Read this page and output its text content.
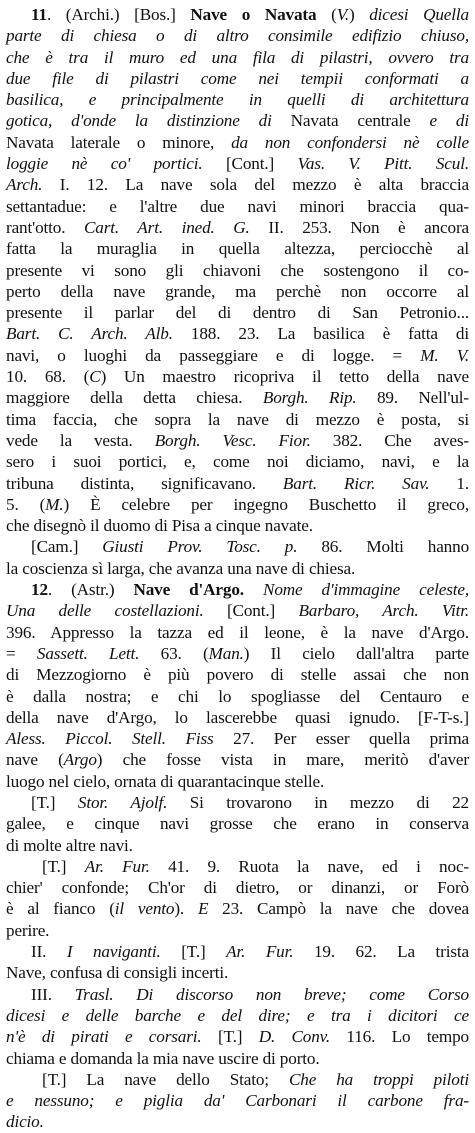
11. (Archi.) [Bos.] Nave o Navata (V.) dicesi Quella
parte di chiesa o di altro consimile edifizio chiuso,
che è tra il muro ed una fila di pilastri, ovvero tra
due file di pilastri come nei tempii conformati a
basilica, e principalmente in quelli di architettura
gotica, d'onde la distinzione di Navata centrale e di
Navata laterale o minore, da non confondersi nè colle
loggie nè co' portici. [Cont.] Vas. V. Pitt. Scul.
Arch. I. 12. La nave sola del mezzo è alta braccia
settantadue: e l'altre due navi minori braccia qua-
rant'otto. Cart. Art. ined. G. II. 253. Non è ancora
fatta la muraglia in quella altezza, perciocchè al
presente vi sono gli chiavoni che sostengono il co-
perto della nave grande, ma perchè non occorre al
presente il parlar del di dentro di San Petronio...
Bart. C. Arch. Alb. 188. 23. La basilica è fatta di
navi, o luoghi da passeggiare e di logge. = M. V.
10. 68. (C) Un maestro ricopriva il tetto della nave
maggiore della detta chiesa. Borgh. Rip. 89. Nell'ul-
tima faccia, che sopra la nave di mezzo è posta, si
vede la vesta. Borgh. Vesc. Fior. 382. Che aves-
sero i suoi portici, e, come noi diciamo, navi, e la
tribuna distinta, significavano. Bart. Ricr. Sav. 1.
5. (M.) È celebre per ingegno Buschetto il greco,
che disegnò il duomo di Pisa a cinque navate.
[Cam.] Giusti Prov. Tosc. p. 86. Molti hanno
la coscienza sì larga, che avanza una nave di chiesa.
12. (Astr.) Nave d'Argo. Nome d'immagine celeste,
Una delle costellazioni. [Cont.] Barbaro, Arch. Vitr.
396. Appresso la tazza ed il leone, è la nave d'Argo.
= Sassett. Lett. 63. (Man.) Il cielo dall'altra parte
di Mezzogiorno è più povero di stelle assai che non
è dalla nostra; e chi lo spogliasse del Centauro e
della nave d'Argo, lo lascerebbe quasi ignudo. [F-T-s.]
Aless. Piccol. Stell. Fiss 27. Per esser quella prima
nave (Argo) che fosse vista in mare, meritò d'aver
luogo nel cielo, ornata di quarantacinque stelle.
[T.] Stor. Ajolf. Si trovarono in mezzo di 22
galee, e cinque navi grosse che erano in conserva
di molte altre navi.
[T.] Ar. Fur. 41. 9. Ruota la nave, ed i noc-
chier' confonde; Ch'or di dietro, or dinanzi, or Forò
è al fianco (il vento). E 23. Campò la nave che dovea
perire.
II. I naviganti. [T.] Ar. Fur. 19. 62. La trista
Nave, confusa di consigli incerti.
III. Trasl. Di discorso non breve; come Corso
dicesi e delle barche e del dire; e tra i dicitori ce
n'è di pirati e corsari. [T.] D. Conv. 116. Lo tempo
chiama e domanda la mia nave uscire di porto.
[T.] La nave dello Stato; Che ha troppi piloti
e nessuno; e piglia da' Carbonari il carbone fra-
dicio.
